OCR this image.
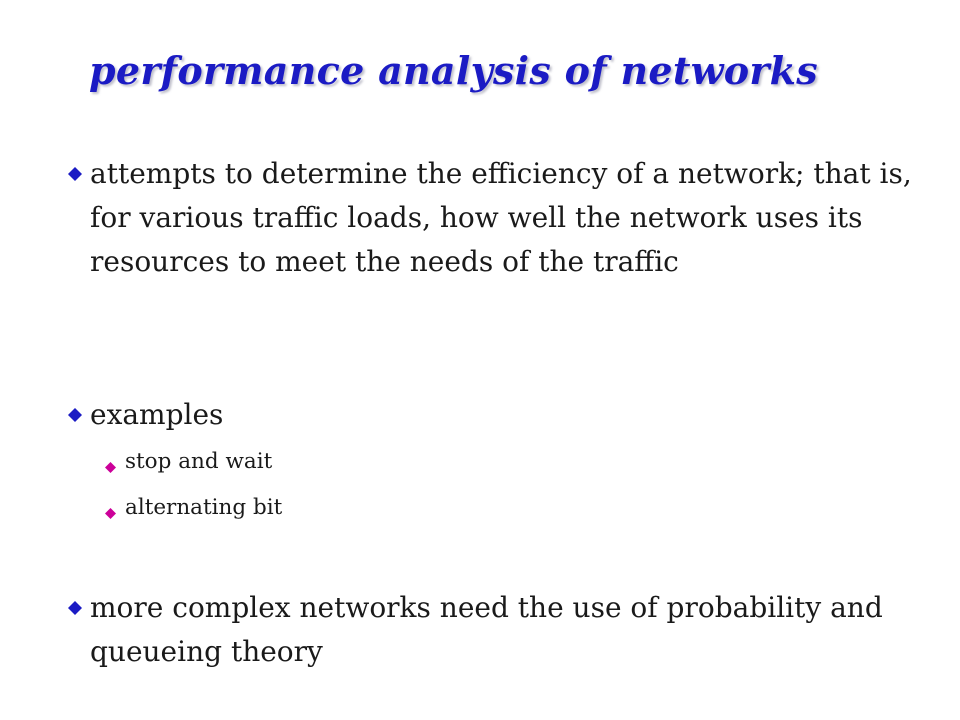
performance analysis of networks
attempts to determine the efficiency of a network; that is, for various traffic loads, how well the network uses its resources to meet the needs of the traffic
examples
stop and wait
alternating bit
more complex networks need the use of probability and queueing theory
